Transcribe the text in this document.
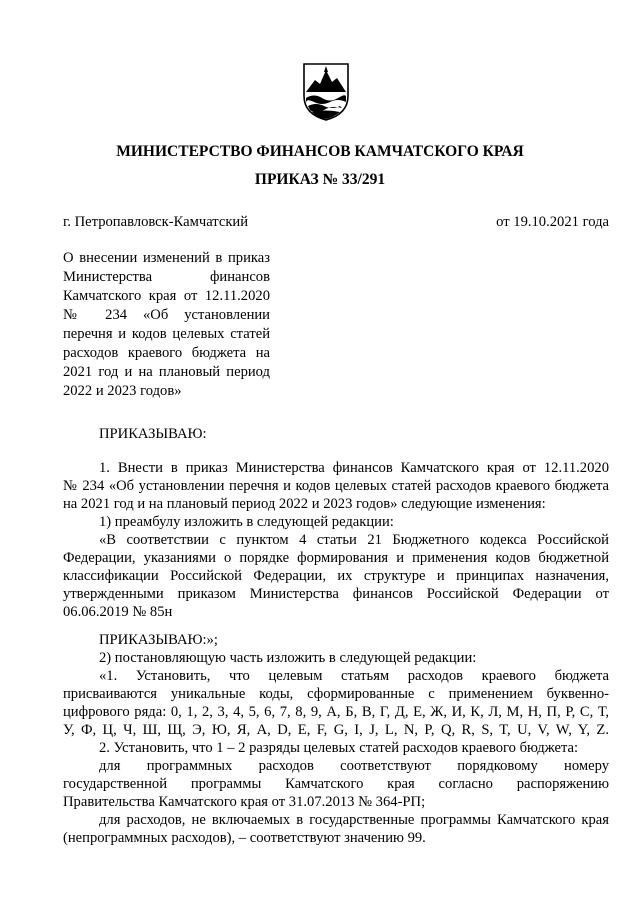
МИНИСТЕРСТВО ФИНАНСОВ КАМЧАТСКОГО КРАЯ
ПРИКАЗ № 33/291
г. Петропавловск-Камчатский	от 19.10.2021 года
О внесении изменений в приказ
Министерства финансов
Камчатского края от 12.11.2020
№ 234 «Об установлении
перечня и кодов целевых статей
расходов краевого бюджета на
2021 год и на плановый период
2022 и 2023 годов»
ПРИКАЗЫВАЮ:
1. Внести в приказ Министерства финансов Камчатского края от 12.11.2020
№ 234 «Об установлении перечня и кодов целевых статей расходов краевого бюджета
на 2021 год и на плановый период 2022 и 2023 годов» следующие изменения:
1) преамбулу изложить в следующей редакции:
«В соответствии с пунктом 4 статьи 21 Бюджетного кодекса Российской
Федерации, указаниями о порядке формирования и применения кодов бюджетной
классификации Российской Федерации, их структуре и принципах назначения,
утвержденными приказом Министерства финансов Российской Федерации от
06.06.2019 № 85н
ПРИКАЗЫВАЮ:»;
2) постановляющую часть изложить в следующей редакции:
«1. Установить, что целевым статьям расходов краевого бюджета
присваиваются уникальные коды, сформированные с применением буквенно-
цифрового ряда: 0, 1, 2, 3, 4, 5, 6, 7, 8, 9, А, Б, В, Г, Д, Е, Ж, И, К, Л, М, Н, П, Р, С, Т,
У, Ф, Ц, Ч, Ш, Щ, Э, Ю, Я, A, D, E, F, G, I, J, L, N, P, Q, R, S, T, U, V, W, Y, Z.
2. Установить, что 1 – 2 разряды целевых статей расходов краевого бюджета:
для программных расходов соответствуют порядковому номеру
государственной программы Камчатского края согласно распоряжению
Правительства Камчатского края от 31.07.2013 № 364-РП;
для расходов, не включаемых в государственные программы Камчатского края
(непрограммных расходов), – соответствуют значению 99.
